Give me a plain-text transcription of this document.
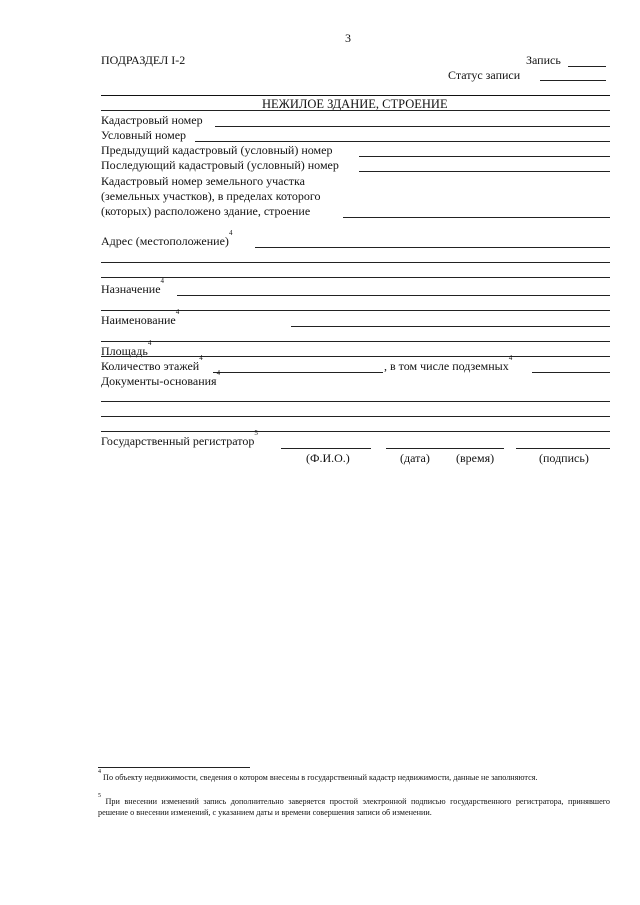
3
ПОДРАЗДЕЛ I-2	Запись
Статус записи
НЕЖИЛОЕ ЗДАНИЕ, СТРОЕНИЕ
Кадастровый номер
Условный номер
Предыдущий кадастровый (условный) номер
Последующий кадастровый (условный) номер
Кадастровый номер земельного участка
(земельных участков), в пределах которого
(которых) расположено здание, строение
Адрес (местоположение)$^4$
Назначение$^4$
Наименование$^4$
Площадь$^4$
Количество этажей$^4$
, в том числе подземных$^4$
Документы-основания$^4$
Государственный регистратор$^5$
(Ф.И.О.)	(дата) (время)	(подпись)
$^4$ По объекту недвижимости, сведения о котором внесены в государственный кадастр недвижимости, данные не заполняются.
$^5$ При внесении изменений запись дополнительно заверяется простой электронной подписью государственного регистратора, принявшего решение о внесении изменений, с указанием даты и времени совершения записи об изменении.
